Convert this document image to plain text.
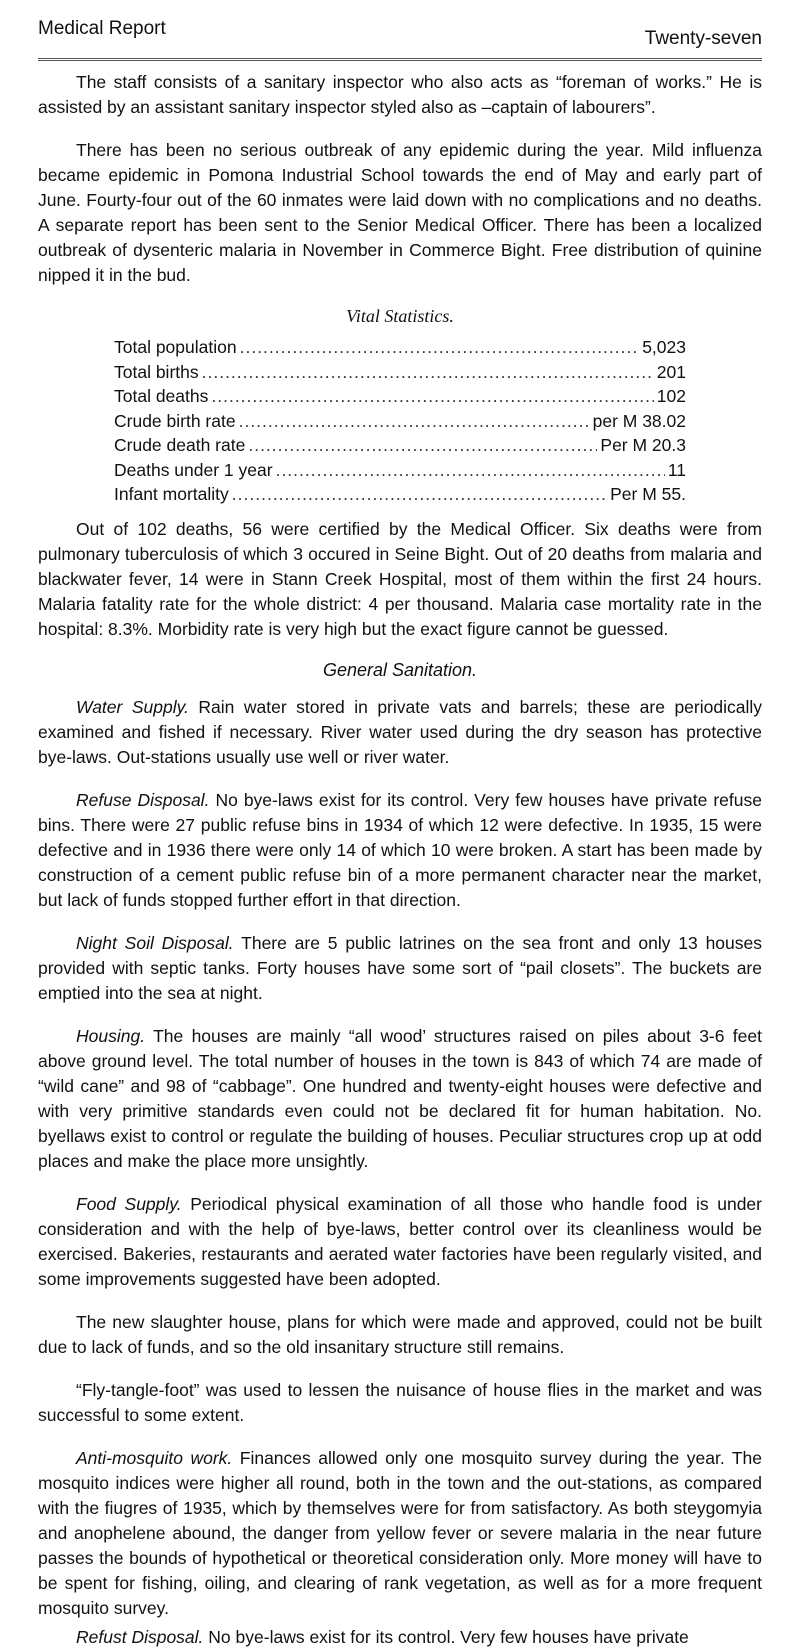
Medical Report	Twenty-seven

The staff consists of a sanitary inspector who also acts as “foreman of works.” He is assisted by an assistant sanitary inspector styled also as –captain of labourers”.

There has been no serious outbreak of any epidemic during the year. Mild influenza became epidemic in Pomona Industrial School towards the end of May and early part of June. Fourty-four out of the 60 inmates were laid down with no complications and no deaths. A separate report has been sent to the Senior Medical Officer. There has been a localized outbreak of dysenteric malaria in November in Commerce Bight. Free distribution of quinine nipped it in the bud.

Vital Statistics.
Total population .....	5,023
Total births .....	201
Total deaths .....	102
Crude birth rate .....	per M 38.02
Crude death rate .....	Per M 20.3
Deaths under 1 year .....	11
Infant mortality .....	Per M 55.

Out of 102 deaths, 56 were certified by the Medical Officer. Six deaths were from pulmonary tuberculosis of which 3 occured in Seine Bight. Out of 20 deaths from malaria and blackwater fever, 14 were in Stann Creek Hospital, most of them within the first 24 hours. Malaria fatality rate for the whole district: 4 per thousand. Malaria case mortality rate in the hospital: 8.3%. Morbidity rate is very high but the exact figure cannot be guessed.

General Sanitation.

Water Supply. Rain water stored in private vats and barrels; these are periodically examined and fished if necessary. River water used during the dry season has protective bye-laws. Out-stations usually use well or river water.

Refuse Disposal. No bye-laws exist for its control. Very few houses have private refuse bins. There were 27 public refuse bins in 1934 of which 12 were defective. In 1935, 15 were defective and in 1936 there were only 14 of which 10 were broken. A start has been made by construction of a cement public refuse bin of a more permanent character near the market, but lack of funds stopped further effort in that direction.

Night Soil Disposal. There are 5 public latrines on the sea front and only 13 houses provided with septic tanks. Forty houses have some sort of “pail closets”. The buckets are emptied into the sea at night.

Housing. The houses are mainly “all wood’ structures raised on piles about 3-6 feet above ground level. The total number of houses in the town is 843 of which 74 are made of “wild cane” and 98 of “cabbage”. One hundred and twenty-eight houses were defective and with very primitive standards even could not be declared fit for human habitation. No. byellaws exist to control or regulate the building of houses. Peculiar structures crop up at odd places and make the place more unsightly.

Food Supply. Periodical physical examination of all those who handle food is under consideration and with the help of bye-laws, better control over its cleanliness would be exercised. Bakeries, restaurants and aerated water factories have been regularly visited, and some improvements suggested have been adopted.

The new slaughter house, plans for which were made and approved, could not be built due to lack of funds, and so the old insanitary structure still remains.

“Fly-tangle-foot” was used to lessen the nuisance of house flies in the market and was successful to some extent.

Anti-mosquito work. Finances allowed only one mosquito survey during the year. The mosquito indices were higher all round, both in the town and the out-stations, as compared with the fiugres of 1935, which by themselves were for from satisfactory. As both steygomyia and anophelene abound, the danger from yellow fever or severe malaria in the near future passes the bounds of hypothetical or theoretical consideration only. More money will have to be spent for fishing, oiling, and clearing of rank vegetation, as well as for a more frequent mosquito survey.

Refust Disposal. No bye-laws exist for its control. Very few houses have private
